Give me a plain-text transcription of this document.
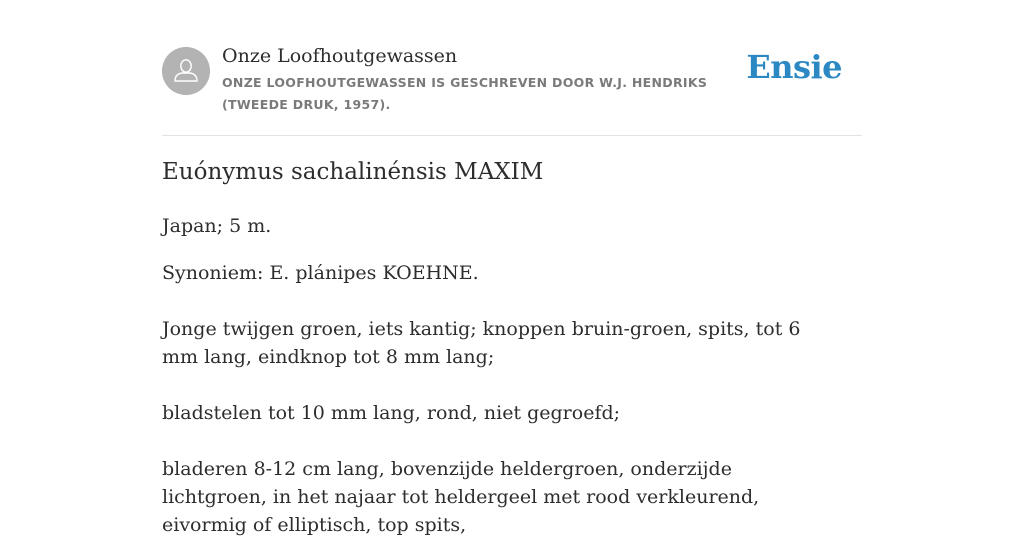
Onze Loofhoutgewassen
ONZE LOOFHOUTGEWASSEN IS GESCHREVEN DOOR W.J. HENDRIKS (TWEEDE DRUK, 1957).
Ensie
Euónymus sachalinénsis MAXIM

Japan; 5 m.

Synoniem: E. plánipes KOEHNE.

Jonge twijgen groen, iets kantig; knoppen bruin-groen, spits, tot 6 mm lang, eindknop tot 8 mm lang;

bladstelen tot 10 mm lang, rond, niet gegroefd;

bladeren 8-12 cm lang, bovenzijde heldergroen, onderzijde lichtgroen, in het najaar tot heldergeel met rood verkleurend, eivormig of elliptisch, top spits,
